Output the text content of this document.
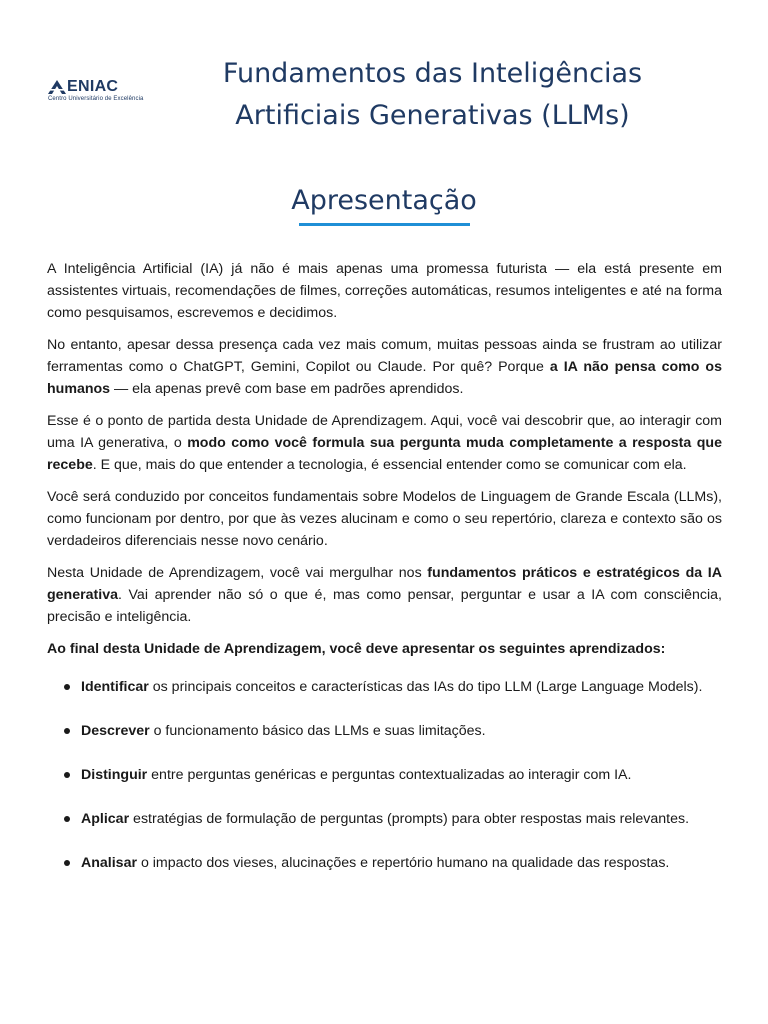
ENIAC
Centro Universitário de Excelência
Fundamentos das Inteligências
Artificiais Generativas (LLMs)
Apresentação

A Inteligência Artificial (IA) já não é mais apenas uma promessa futurista — ela está presente em assistentes virtuais, recomendações de filmes, correções automáticas, resumos inteligentes e até na forma como pesquisamos, escrevemos e decidimos.

No entanto, apesar dessa presença cada vez mais comum, muitas pessoas ainda se frustram ao utilizar ferramentas como o ChatGPT, Gemini, Copilot ou Claude. Por quê? Porque a IA não pensa como os humanos — ela apenas prevê com base em padrões aprendidos.

Esse é o ponto de partida desta Unidade de Aprendizagem. Aqui, você vai descobrir que, ao interagir com uma IA generativa, o modo como você formula sua pergunta muda completamente a resposta que recebe. E que, mais do que entender a tecnologia, é essencial entender como se comunicar com ela.

Você será conduzido por conceitos fundamentais sobre Modelos de Linguagem de Grande Escala (LLMs), como funcionam por dentro, por que às vezes alucinam e como o seu repertório, clareza e contexto são os verdadeiros diferenciais nesse novo cenário.

Nesta Unidade de Aprendizagem, você vai mergulhar nos fundamentos práticos e estratégicos da IA generativa. Vai aprender não só o que é, mas como pensar, perguntar e usar a IA com consciência, precisão e inteligência.

Ao final desta Unidade de Aprendizagem, você deve apresentar os seguintes aprendizados:

Identificar os principais conceitos e características das IAs do tipo LLM (Large Language Models).
Descrever o funcionamento básico das LLMs e suas limitações.
Distinguir entre perguntas genéricas e perguntas contextualizadas ao interagir com IA.
Aplicar estratégias de formulação de perguntas (prompts) para obter respostas mais relevantes.
Analisar o impacto dos vieses, alucinações e repertório humano na qualidade das respostas.
